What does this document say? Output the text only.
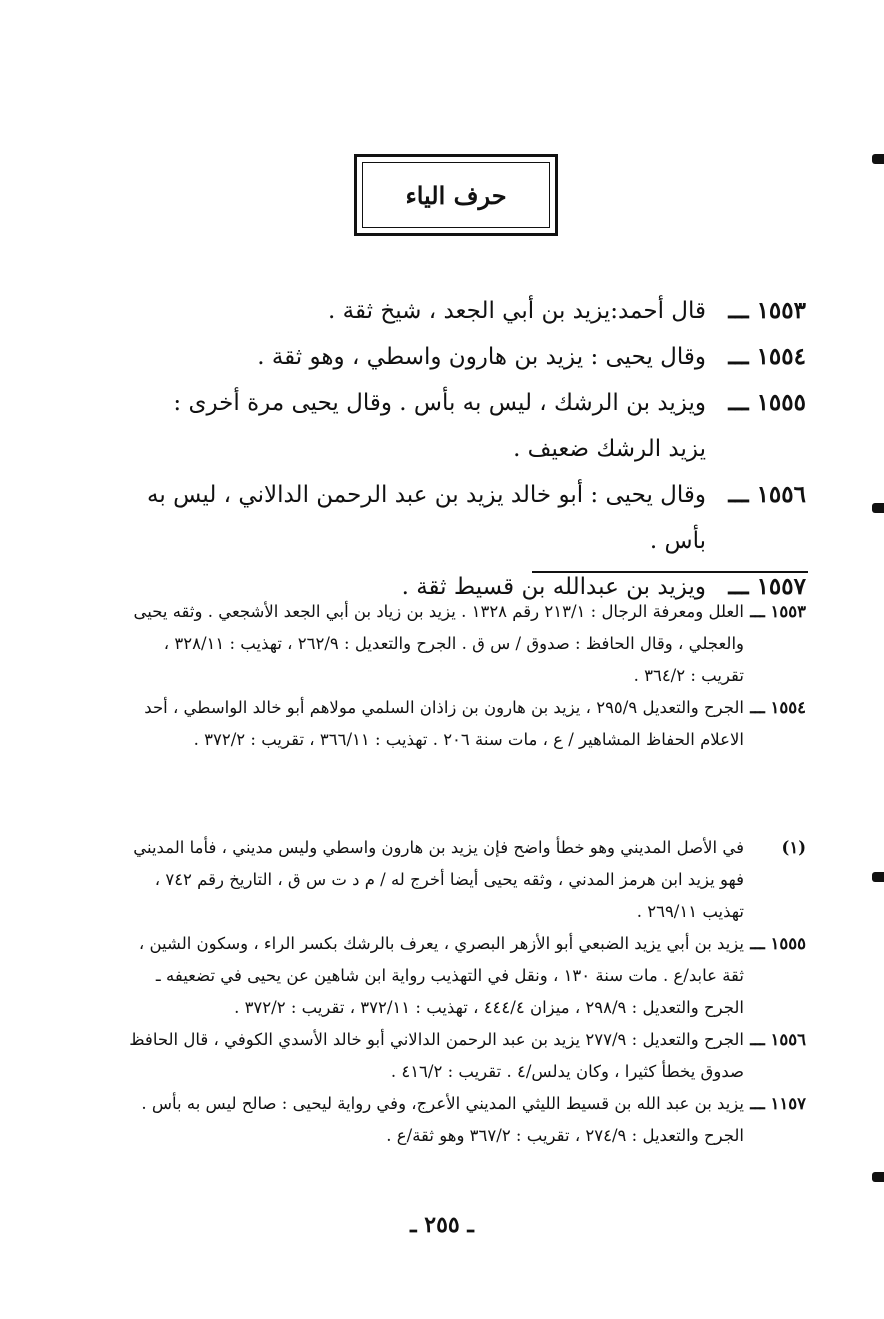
حرف الياء
١٥٥٣ ـــ
قال أحمد:يزيد بن أبي الجعد ، شيخ ثقة .
١٥٥٤ ـــ
وقال يحيى : يزيد بن هارون واسطي ، وهو ثقة .
١٥٥٥ ـــ
ويزيد بن الرشك ، ليس به بأس . وقال يحيى مرة أخرى : يزيد الرشك ضعيف .
١٥٥٦ ـــ
وقال يحيى : أبو خالد يزيد بن عبد الرحمن الدالاني ، ليس به بأس .
١٥٥٧ ـــ
ويزيد بن عبدالله بن قسيط ثقة .
١٥٥٣ ـــ
العلل ومعرفة الرجال : ٢١٣/١ رقم ١٣٢٨ . يزيد بن زياد بن أبي الجعد الأشجعي . وثقه يحيى والعجلي ، وقال الحافظ : صدوق / س ق . الجرح والتعديل : ٢٦٢/٩ ، تهذيب : ٣٢٨/١١ ، تقريب : ٣٦٤/٢ .
١٥٥٤ ـــ
الجرح والتعديل ٢٩٥/٩ ، يزيد بن هارون بن زاذان السلمي مولاهم أبو خالد الواسطي ، أحد الاعلام الحفاظ المشاهير / ع ، مات سنة ٢٠٦ . تهذيب : ٣٦٦/١١ ، تقريب : ٣٧٢/٢ .
(١)
في الأصل المديني وهو خطأ واضح فإن يزيد بن هارون واسطي وليس مديني ، فأما المديني فهو يزيد ابن هرمز المدني ، وثقه يحيى أيضا أخرج له / م د ت س ق ، التاريخ رقم ٧٤٢ ، تهذيب ٢٦٩/١١ .
١٥٥٥ ـــ
يزيد بن أبي يزيد الضبعي أبو الأزهر البصري ، يعرف بالرشك بكسر الراء ، وسكون الشين ، ثقة عابد/ع . مات سنة ١٣٠ ، ونقل في التهذيب رواية ابن شاهين عن يحيى في تضعيفه ـ الجرح والتعديل : ٢٩٨/٩ ، ميزان ٤٤٤/٤ ، تهذيب : ٣٧٢/١١ ، تقريب : ٣٧٢/٢ .
١٥٥٦ ـــ
الجرح والتعديل : ٢٧٧/٩ يزيد بن عبد الرحمن الدالاني أبو خالد الأسدي الكوفي ، قال الحافظ صدوق يخطأ كثيرا ، وكان يدلس/٤ . تقريب : ٤١٦/٢ .
١١٥٧ ـــ
يزيد بن عبد الله بن قسيط الليثي المديني الأعرج، وفي رواية ليحيى : صالح ليس به بأس . الجرح والتعديل : ٢٧٤/٩ ، تقريب : ٣٦٧/٢ وهو ثقة/ع .
ـ ٢٥٥ ـ
